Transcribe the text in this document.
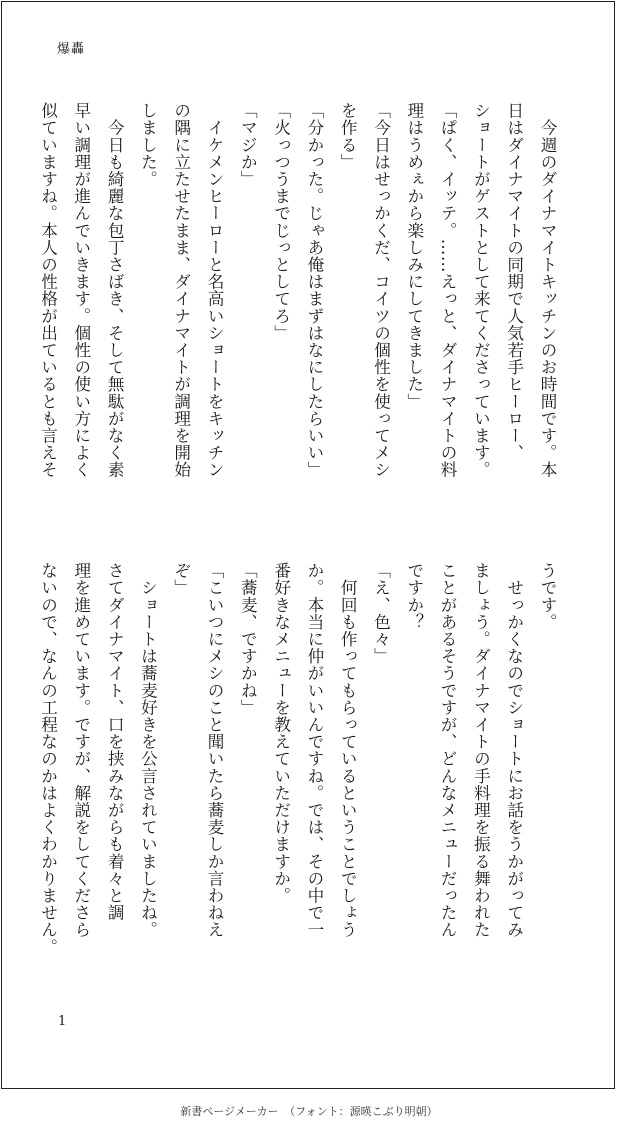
爆轟
　今週のダイナマイトキッチンのお時間です。本
日はダイナマイトの同期で人気若手ヒーロー、
ショートがゲストとして来てくださっています。
「ぱく、イッテ。……えっと、ダイナマイトの料
理はうめぇから楽しみにしてきました」
「今日はせっかくだ、コイツの個性を使ってメシ
を作る」
「分かった。じゃあ俺はまずはなにしたらいい」
「火っつうまでじっとしてろ」
「マジか」
　イケメンヒーローと名高いショートをキッチン
の隅に立たせたまま、ダイナマイトが調理を開始
しました。
　今日も綺麗な包丁さばき、そして無駄がなく素
早い調理が進んでいきます。個性の使い方によく
似ていますね。本人の性格が出ているとも言えそ
うです。
　せっかくなのでショートにお話をうかがってみ
ましょう。ダイナマイトの手料理を振る舞われた
ことがあるそうですが、どんなメニューだったん
ですか？
「え、色々」
　何回も作ってもらっているということでしょう
か。本当に仲がいいんですね。では、その中で一
番好きなメニューを教えていただけますか。
「蕎麦、ですかね」
「こいつにメシのこと聞いたら蕎麦しか言わねえ
ぞ」
　ショートは蕎麦好きを公言されていましたね。
さてダイナマイト、口を挟みながらも着々と調
理を進めています。ですが、解説をしてくださら
ないので、なんの工程なのかはよくわかりません。
1
新書ページメーカー　（フォント：源暎こぶり明朝）
